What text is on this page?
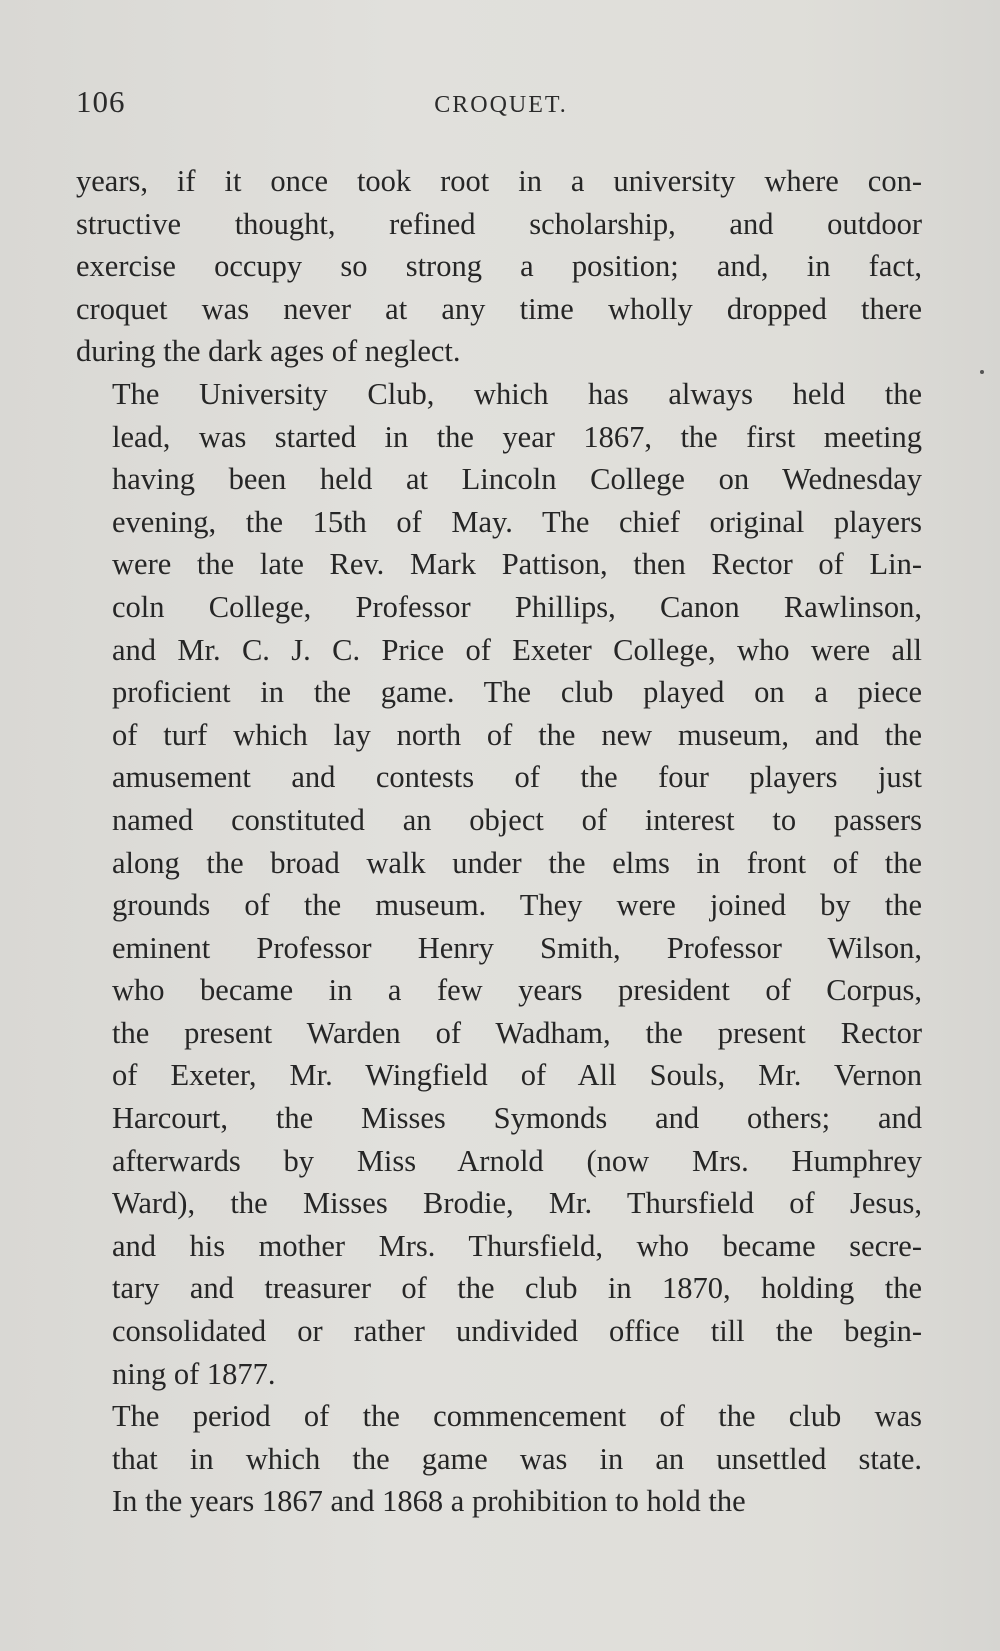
106	CROQUET.
years, if it once took root in a university where con-
structive thought, refined scholarship, and outdoor
exercise occupy so strong a position; and, in fact,
croquet was never at any time wholly dropped there
during the dark ages of neglect.
The University Club, which has always held the
lead, was started in the year 1867, the first meeting
having been held at Lincoln College on Wednesday
evening, the 15th of May. The chief original players
were the late Rev. Mark Pattison, then Rector of Lin-
coln College, Professor Phillips, Canon Rawlinson,
and Mr. C. J. C. Price of Exeter College, who were all
proficient in the game. The club played on a piece
of turf which lay north of the new museum, and the
amusement and contests of the four players just
named constituted an object of interest to passers
along the broad walk under the elms in front of the
grounds of the museum. They were joined by the
eminent Professor Henry Smith, Professor Wilson,
who became in a few years president of Corpus,
the present Warden of Wadham, the present Rector
of Exeter, Mr. Wingfield of All Souls, Mr. Vernon
Harcourt, the Misses Symonds and others; and
afterwards by Miss Arnold (now Mrs. Humphrey
Ward), the Misses Brodie, Mr. Thursfield of Jesus,
and his mother Mrs. Thursfield, who became secre-
tary and treasurer of the club in 1870, holding the
consolidated or rather undivided office till the begin-
ning of 1877.
The period of the commencement of the club was
that in which the game was in an unsettled state.
In the years 1867 and 1868 a prohibition to hold the
